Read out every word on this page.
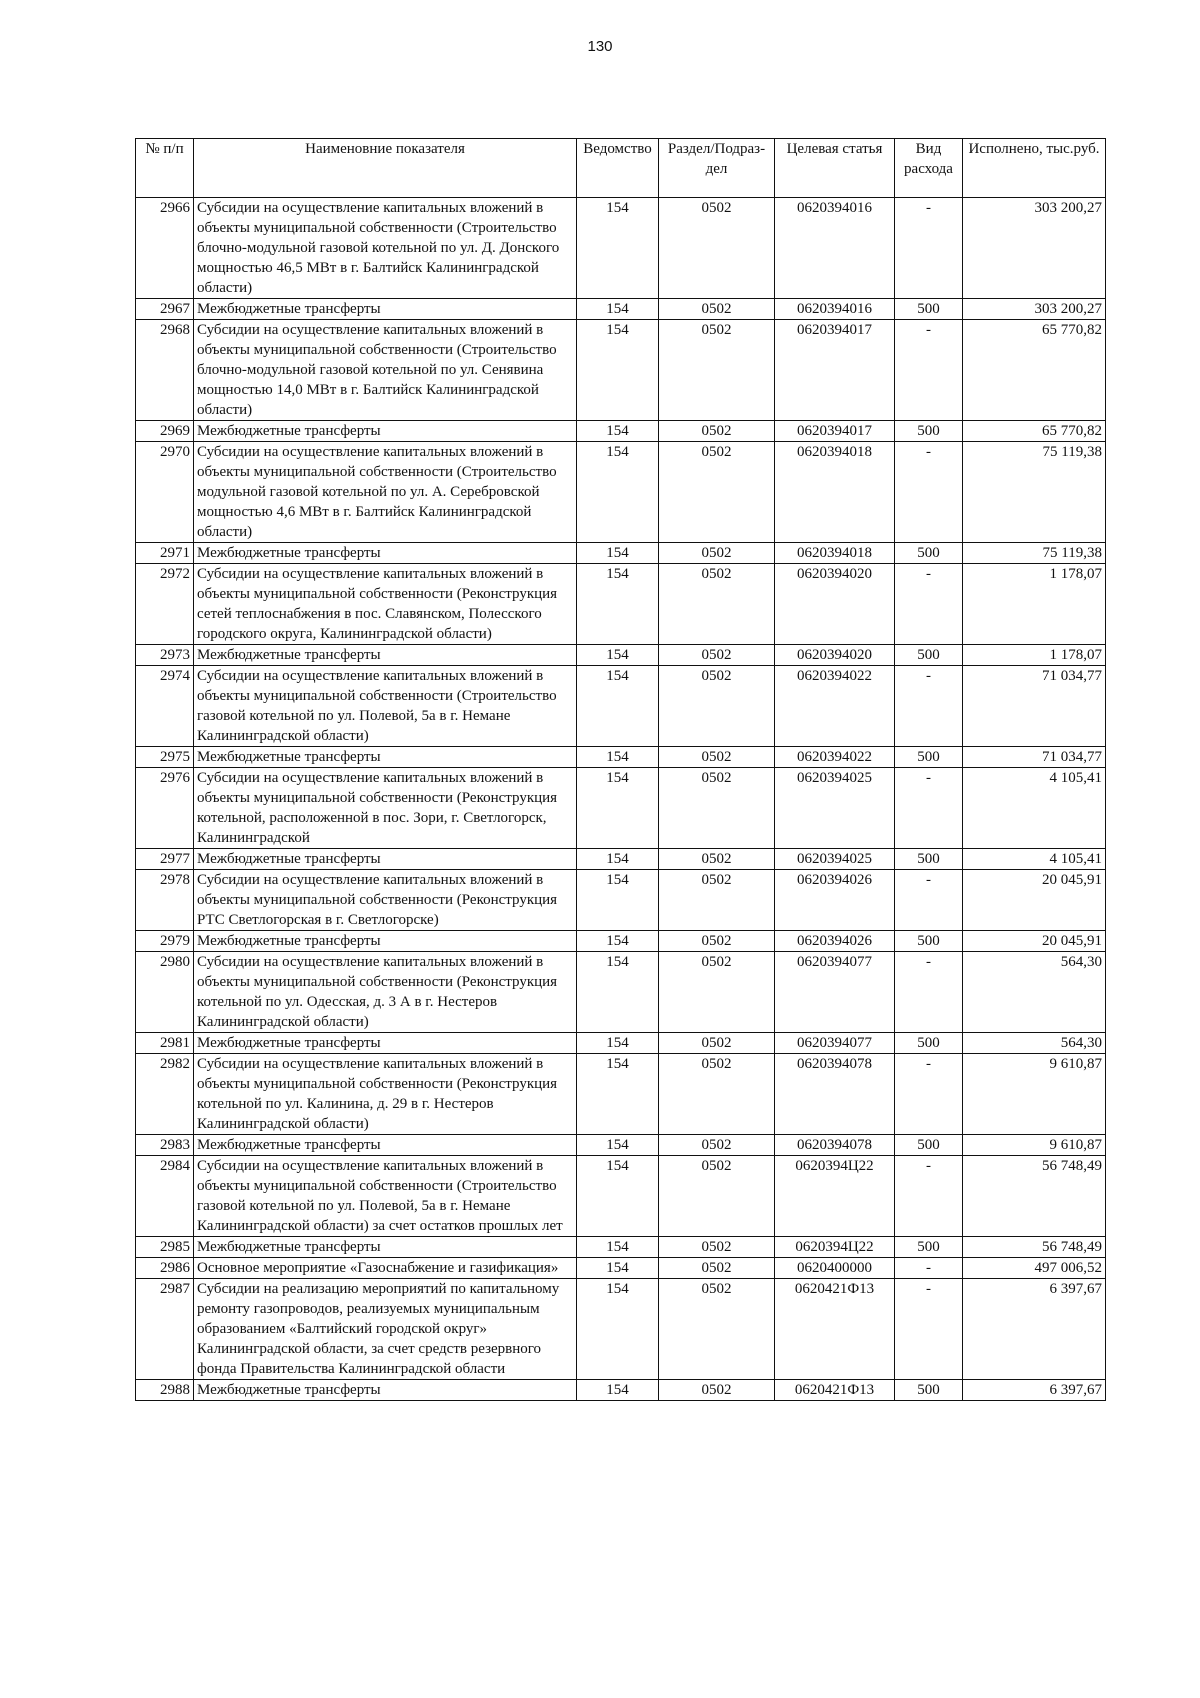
130
№ п/п	Наименовние показателя	Ведомство	Раздел/Подраз-дел	Целевая статья	Вид расхода	Исполнено, тыс.руб.
2966	Субсидии на осуществление капитальных вложений в объекты муниципальной собственности (Строительство блочно-модульной газовой котельной по ул. Д. Донского мощностью 46,5 МВт в г. Балтийск Калининградской области)	154	0502	0620394016	-	303 200,27
2967	Межбюджетные трансферты	154	0502	0620394016	500	303 200,27
2968	Субсидии на осуществление капитальных вложений в объекты муниципальной собственности (Строительство блочно-модульной газовой котельной по ул. Сенявина мощностью 14,0 МВт в г. Балтийск Калининградской области)	154	0502	0620394017	-	65 770,82
2969	Межбюджетные трансферты	154	0502	0620394017	500	65 770,82
2970	Субсидии на осуществление капитальных вложений в объекты муниципальной собственности (Строительство модульной газовой котельной по ул. А. Серебровской мощностью 4,6 МВт в г. Балтийск Калининградской области)	154	0502	0620394018	-	75 119,38
2971	Межбюджетные трансферты	154	0502	0620394018	500	75 119,38
2972	Субсидии на осуществление капитальных вложений в объекты муниципальной собственности (Реконструкция сетей теплоснабжения в пос. Славянском, Полесского городского округа, Калининградской области)	154	0502	0620394020	-	1 178,07
2973	Межбюджетные трансферты	154	0502	0620394020	500	1 178,07
2974	Субсидии на осуществление капитальных вложений в объекты муниципальной собственности (Строительство газовой котельной по ул. Полевой, 5а в г. Немане Калининградской области)	154	0502	0620394022	-	71 034,77
2975	Межбюджетные трансферты	154	0502	0620394022	500	71 034,77
2976	Субсидии на осуществление капитальных вложений в объекты муниципальной собственности (Реконструкция котельной, расположенной в пос. Зори, г. Светлогорск, Калининградской	154	0502	0620394025	-	4 105,41
2977	Межбюджетные трансферты	154	0502	0620394025	500	4 105,41
2978	Субсидии на осуществление капитальных вложений в объекты муниципальной собственности (Реконструкция РТС Светлогорская в г. Светлогорске)	154	0502	0620394026	-	20 045,91
2979	Межбюджетные трансферты	154	0502	0620394026	500	20 045,91
2980	Субсидии на осуществление капитальных вложений в объекты муниципальной собственности (Реконструкция котельной по ул. Одесская, д. 3 А в г. Нестеров Калининградской области)	154	0502	0620394077	-	564,30
2981	Межбюджетные трансферты	154	0502	0620394077	500	564,30
2982	Субсидии на осуществление капитальных вложений в объекты муниципальной собственности (Реконструкция котельной по ул. Калинина, д. 29 в г. Нестеров Калининградской области)	154	0502	0620394078	-	9 610,87
2983	Межбюджетные трансферты	154	0502	0620394078	500	9 610,87
2984	Субсидии на осуществление капитальных вложений в объекты муниципальной собственности (Строительство газовой котельной по ул. Полевой, 5а в г. Немане Калининградской области) за счет остатков прошлых лет	154	0502	0620394Ц22	-	56 748,49
2985	Межбюджетные трансферты	154	0502	0620394Ц22	500	56 748,49
2986	Основное мероприятие «Газоснабжение и газификация»	154	0502	0620400000	-	497 006,52
2987	Субсидии на реализацию мероприятий по капитальному ремонту газопроводов, реализуемых муниципальным образованием «Балтийский городской округ» Калининградской области, за счет средств резервного фонда Правительства Калининградской области	154	0502	0620421Ф13	-	6 397,67
2988	Межбюджетные трансферты	154	0502	0620421Ф13	500	6 397,67
